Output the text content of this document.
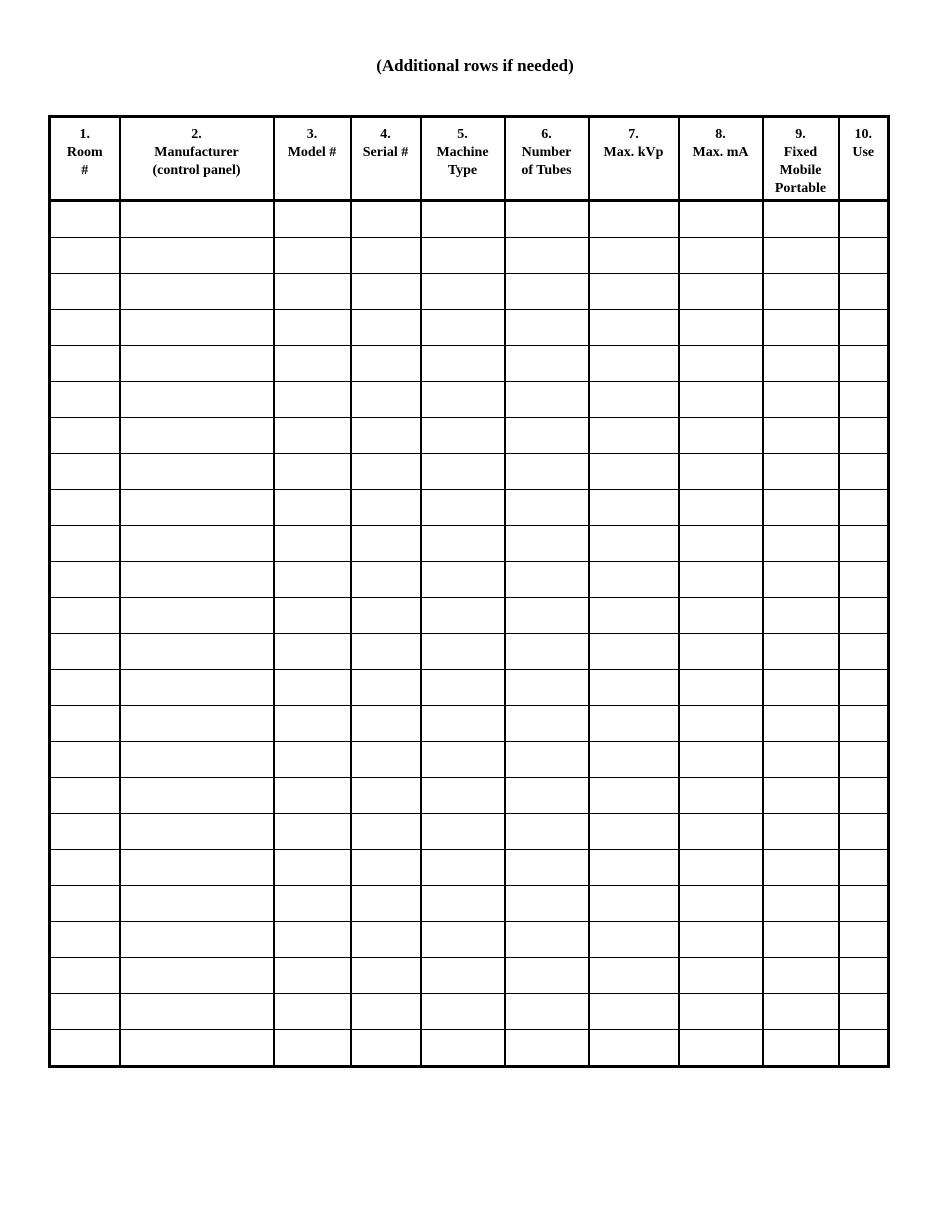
(Additional rows if needed)
1.
Room
#	2.
Manufacturer
(control panel)	3.
Model #	4.
Serial #	5.
Machine
Type	6.
Number
of Tubes	7.
Max. kVp	8.
Max. mA	9.
Fixed
Mobile
Portable	10.
Use
